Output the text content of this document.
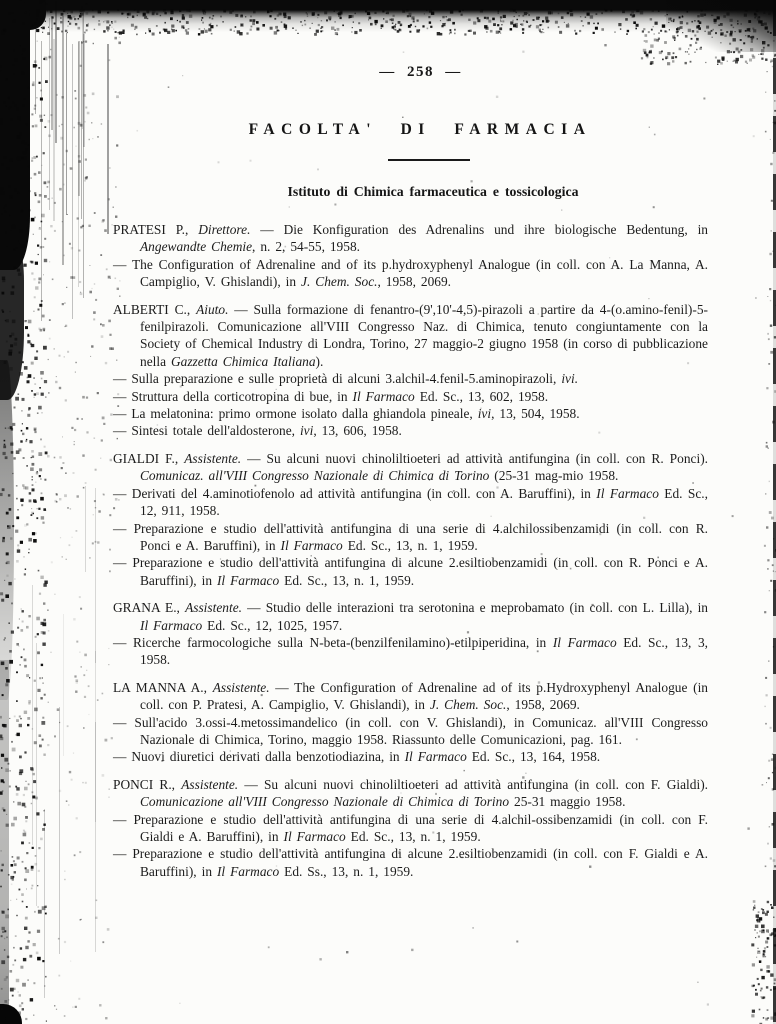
— 258 —
FACOLTA' DI FARMACIA
Istituto di Chimica farmaceutica e tossicologica

PRATESI P., Direttore. — Die Konfiguration des Adrenalins und ihre biologische Bedentung, in Angewandte Chemie, n. 2, 54-55, 1958.

— The Configuration of Adrenaline and of its p.hydroxyphenyl Analogue (in coll. con A. La Manna, A. Campiglio, V. Ghislandi), in J. Chem. Soc., 1958, 2069.

ALBERTI C., Aiuto. — Sulla formazione di fenantro-(9',10'-4,5)-pirazoli a partire da 4-(o.amino-fenil)-5-fenilpirazoli. Comunicazione all'VIII Congresso Naz. di Chimica, tenuto congiuntamente con la Society of Chemical Industry di Londra, Torino, 27 maggio-2 giugno 1958 (in corso di pubblicazione nella Gazzetta Chimica Italiana).

— Sulla preparazione e sulle proprietà di alcuni 3.alchil-4.fenil-5.aminopirazoli, ivi.

— Struttura della corticotropina di bue, in Il Farmaco Ed. Sc., 13, 602, 1958.

— La melatonina: primo ormone isolato dalla ghiandola pineale, ivi, 13, 504, 1958.

— Sintesi totale dell'aldosterone, ivi, 13, 606, 1958.

GIALDI F., Assistente. — Su alcuni nuovi chinoliltioeteri ad attività antifungina (in coll. con R. Ponci). Comunicaz. all'VIII Congresso Nazionale di Chimica di Torino (25-31 mag-mio 1958.

— Derivati del 4.aminotiofenolo ad attività antifungina (in coll. con A. Baruffini), in Il Farmaco Ed. Sc., 12, 911, 1958.

— Preparazione e studio dell'attività antifungina di una serie di 4.alchilossibenzamidi (in coll. con R. Ponci e A. Baruffini), in Il Farmaco Ed. Sc., 13, n. 1, 1959.

— Preparazione e studio dell'attività antifungina di alcune 2.esiltiobenzamidi (in coll. con R. Ponci e A. Baruffini), in Il Farmaco Ed. Sc., 13, n. 1, 1959.

GRANA E., Assistente. — Studio delle interazioni tra serotonina e meprobamato (in coll. con L. Lilla), in Il Farmaco Ed. Sc., 12, 1025, 1957.

— Ricerche farmocologiche sulla N-beta-(benzilfenilamino)-etilpiperidina, in Il Farmaco Ed. Sc., 13, 3, 1958.

LA MANNA A., Assistente. — The Configuration of Adrenaline ad of its p.Hydroxyphenyl Analogue (in coll. con P. Pratesi, A. Campiglio, V. Ghislandi), in J. Chem. Soc., 1958, 2069.

— Sull'acido 3.ossi-4.metossimandelico (in coll. con V. Ghislandi), in Comunicaz. all'VIII Congresso Nazionale di Chimica, Torino, maggio 1958. Riassunto delle Comunicazioni, pag. 161.

— Nuovi diuretici derivati dalla benzotiodiazina, in Il Farmaco Ed. Sc., 13, 164, 1958.

PONCI R., Assistente. — Su alcuni nuovi chinoliltioeteri ad attività antifungina (in coll. con F. Gialdi). Comunicazione all'VIII Congresso Nazionale di Chimica di Torino 25-31 maggio 1958.

— Preparazione e studio dell'attività antifungina di una serie di 4.alchil-ossibenzamidi (in coll. con F. Gialdi e A. Baruffini), in Il Farmaco Ed. Sc., 13, n. 1, 1959.

— Preparazione e studio dell'attività antifungina di alcune 2.esiltiobenzamidi (in coll. con F. Gialdi e A. Baruffini), in Il Farmaco Ed. Ss., 13, n. 1, 1959.
